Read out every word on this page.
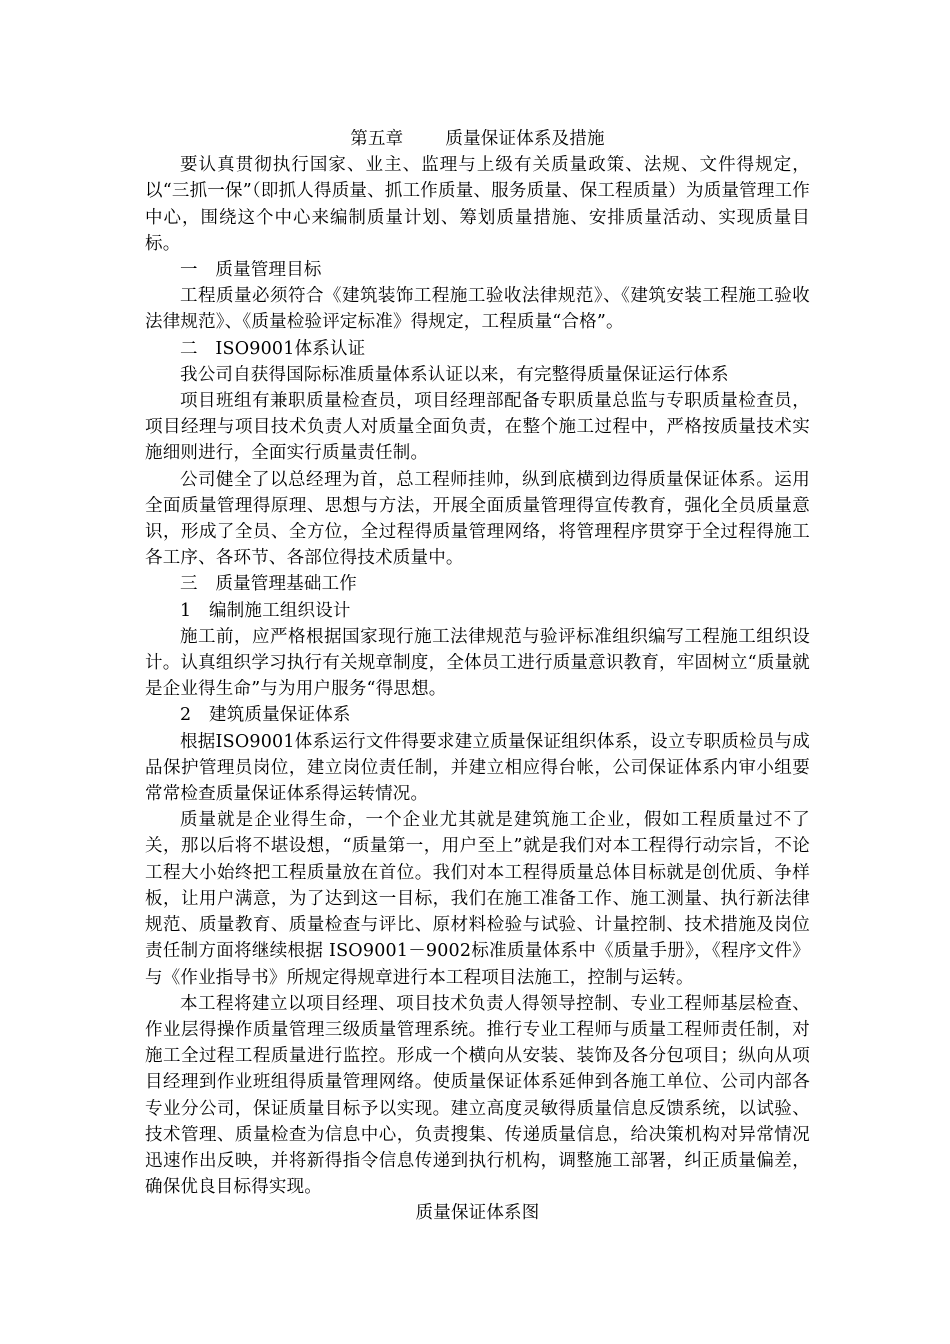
第五章 质量保证体系及措施

要认真贯彻执行国家、业主、监理与上级有关质量政策、法规、文件得规定，以“三抓一保”（即抓人得质量、抓工作质量、服务质量、保工程质量）为质量管理工作中心，围绕这个中心来编制质量计划、筹划质量措施、安排质量活动、实现质量目标。

一　质量管理目标

工程质量必须符合《建筑装饰工程施工验收法律规范》、《建筑安装工程施工验收法律规范》、《质量检验评定标准》得规定，工程质量“合格”。

二　ISO9001体系认证

我公司自获得国际标准质量体系认证以来，有完整得质量保证运行体系

项目班组有兼职质量检查员，项目经理部配备专职质量总监与专职质量检查员，项目经理与项目技术负责人对质量全面负责，在整个施工过程中，严格按质量技术实施细则进行，全面实行质量责任制。

公司健全了以总经理为首，总工程师挂帅，纵到底横到边得质量保证体系。运用全面质量管理得原理、思想与方法，开展全面质量管理得宣传教育，强化全员质量意识，形成了全员、全方位，全过程得质量管理网络，将管理程序贯穿于全过程得施工各工序、各环节、各部位得技术质量中。

三　质量管理基础工作

1　编制施工组织设计

施工前，应严格根据国家现行施工法律规范与验评标准组织编写工程施工组织设计。认真组织学习执行有关规章制度，全体员工进行质量意识教育，牢固树立“质量就是企业得生命”与为用户服务“得思想。

2　建筑质量保证体系

根据ISO9001体系运行文件得要求建立质量保证组织体系，设立专职质检员与成品保护管理员岗位，建立岗位责任制，并建立相应得台帐，公司保证体系内审小组要常常检查质量保证体系得运转情况。

质量就是企业得生命，一个企业尤其就是建筑施工企业，假如工程质量过不了关，那以后将不堪设想，“质量第一，用户至上”就是我们对本工程得行动宗旨，不论工程大小始终把工程质量放在首位。我们对本工程得质量总体目标就是创优质、争样板，让用户满意，为了达到这一目标，我们在施工准备工作、施工测量、执行新法律规范、质量教育、质量检查与评比、原材料检验与试验、计量控制、技术措施及岗位责任制方面将继续根据 ISO9001－9002标准质量体系中《质量手册》，《程序文件》与《作业指导书》所规定得规章进行本工程项目法施工，控制与运转。

本工程将建立以项目经理、项目技术负责人得领导控制、专业工程师基层检查、作业层得操作质量管理三级质量管理系统。推行专业工程师与质量工程师责任制，对施工全过程工程质量进行监控。形成一个横向从安装、装饰及各分包项目；纵向从项目经理到作业班组得质量管理网络。使质量保证体系延伸到各施工单位、公司内部各专业分公司，保证质量目标予以实现。建立高度灵敏得质量信息反馈系统，以试验、技术管理、质量检查为信息中心，负责搜集、传递质量信息，给决策机构对异常情况迅速作出反映，并将新得指令信息传递到执行机构，调整施工部署，纠正质量偏差，确保优良目标得实现。

质量保证体系图
